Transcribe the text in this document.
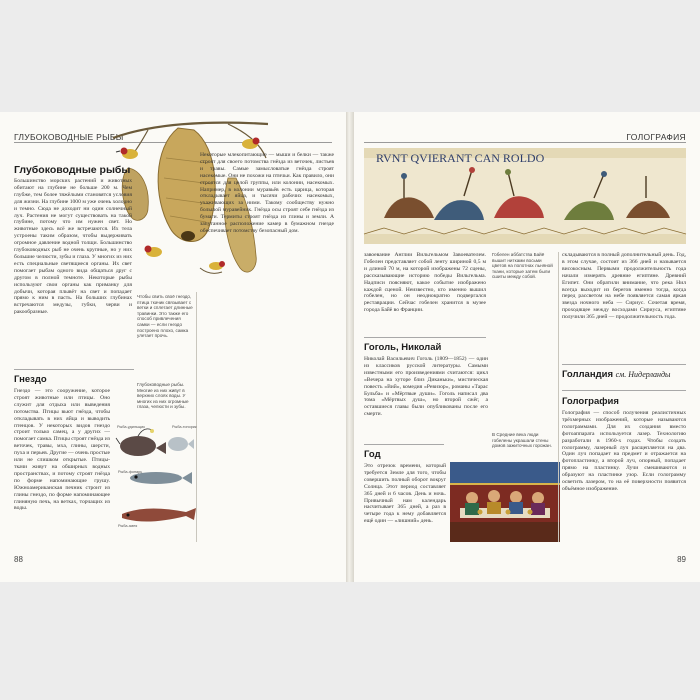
ГЛУБОКОВОДНЫЕ РЫБЫ
Глубоководные рыбы
Большинство морских растений и животных обитают на глубине не больше 200 м. Чем глубже, тем более тяжёлыми становятся условия для жизни. На глубине 1000 м уже очень холодно и темно. Сюда не доходит ни один солнечный луч. Растения не могут существовать на такой глубине, потому что им нужен свет. Но животные здесь всё же встречаются. Их тела устроены таким образом, чтобы выдерживать огромное давление водной толщи. Большинство глубоководных рыб не очень крупные, но у них большие челюсти, зубы и глаза. У многих из них есть специальные светящиеся органы. Их свет помогает рыбам одного вида общаться друг с другом в полной темноте. Некоторые рыбы используют свои органы как приманку для добычи, которая плывёт на свет и попадает прямо к ним в пасть. На больших глубинах встречаются медузы, губки, черви и ракообразные.
Чтобы свить своё гнездо, птица ткачик связывает с ветки и сплетает длинные травинки. Это также его способ привлечения самки — если гнездо построено плохо, самка улетает прочь.
Некоторые млекопитающие — мыши и белки — также строят для своего потомства гнёзда из веточек, листьев и травы. Самые замысловатые гнёзда строят насекомые. Они не похожи на птичьи. Как правило, они строятся для целой группы, или колонии, насекомых. Например, в колонии муравьёв есть царица, которая откладывает яйца, и тысячи рабочих насекомых, ухаживающих за ними. Такому сообществу нужно большой муравейник. Гнёзда осы строят себе гнёзда из бумаги. Термиты строят гнёзда из глины и земли. А запутанное расположение камер в бумажном гнезде обеспечивает потомству безопасный дом.
Гнездо
Гнездо — это сооружение, которое строят животные или птицы. Оно служит для отдыха или выведения потомства. Птицы вьют гнёзда, чтобы откладывать в них яйца и выводить птенцов. У некоторых видов гнездо строит только самец, а у других — помогает самка. Птицы строят гнёзда из веточек, травы, мха, глины, шерсти, пуха и перьев. Другие — очень простые или не слишком открытые. Птицы-ткачи живут на обширных водных пространствах, и потому строят гнёзда по форме напоминающие грушу. Южноамериканская печник строит из глины гнездо, по форме напоминающее глиняную печь, на ветках, торчащих из воды.
Глубоководные рыбы. Многие из них живут в верхних слоях воды. У многих из них огромные глаза, челюсти и зубы.
Рыба-удильщик	Рыба-топорик
Рыба-фонарь
Рыба-змея
88
ГОЛОГРАФИЯ
RVNT QVIERANT CAN ROLDO
завоевание Англии Вильгельмом Завоевателем. Гобелен представляет собой ленту шириной 0,5 м и длиной 70 м, на которой изображены 72 сцены, рассказывающие историю победы Вильгельма. Надписи поясняют, какое событие изображено каждой сценой. Неизвестно, кто именно вышил гобелен, но он неоднократно подвергался реставрации. Сейчас гобелен хранится в музее города Байё во Франции.
Гобелен аббатства Байё вышит нитками восьми цветов на полотнах льняной ткани, которые затем были сшиты между собой.
Гоголь, Николай
Николай Васильевич Гоголь (1809—1852) — один из классиков русской литературы. Самыми известными его произведениями считаются: цикл «Вечера на хуторе близ Диканьки», мистическая повесть «Вий», комедия «Ревизор», романы «Тарас Бульба» и «Мёртвые души». Гоголь написал два тома «Мёртвых душ», но второй сжёг, а оставшиеся главы были опубликованы после его смерти.
Год
Это отрезок времени, который требуется Земле для того, чтобы совершить полный оборот вокруг Солнца. Этот период составляет 365 дней и 6 часов. День и ночь. Привычный нам календарь насчитывает 365 дней, а раз в четыре года к нему добавляется ещё один — «лишний» день.
В Средние века люди гобелены украшали стены домов зажиточных горожан.
складываются в полный дополнительный день. Год, в этом случае, состоит из 366 дней и называется високосным. Первыми продолжительность года начали измерять древние египтяне. Древний Египет. Они обратили внимание, что река Нил всегда выходит из берегов именно тогда, когда перед рассветом на небе появляется самая яркая звезда ночного неба — Сириус. Сочетая время, проходящее между восходами Сириуса, египтяне получили 365 дней — продолжительность года.
Голландия см. Нидерланды
Голография
Голография — способ получения реалистичных трёхмерных изображений, которые называются голограммами. Для их создания вместо фотоаппарата используется лазер. Технологию разработали в 1960-х годах. Чтобы создать голограмму, лазерный луч расщепляется на два. Один луч попадает на предмет и отражается на фотопластинку, а второй луч, опорный, попадает прямо на пластинку. Лучи смешиваются и образуют на пластинке узор. Если голограмму осветить лазером, то на её поверхности появится объёмное изображение.
89
